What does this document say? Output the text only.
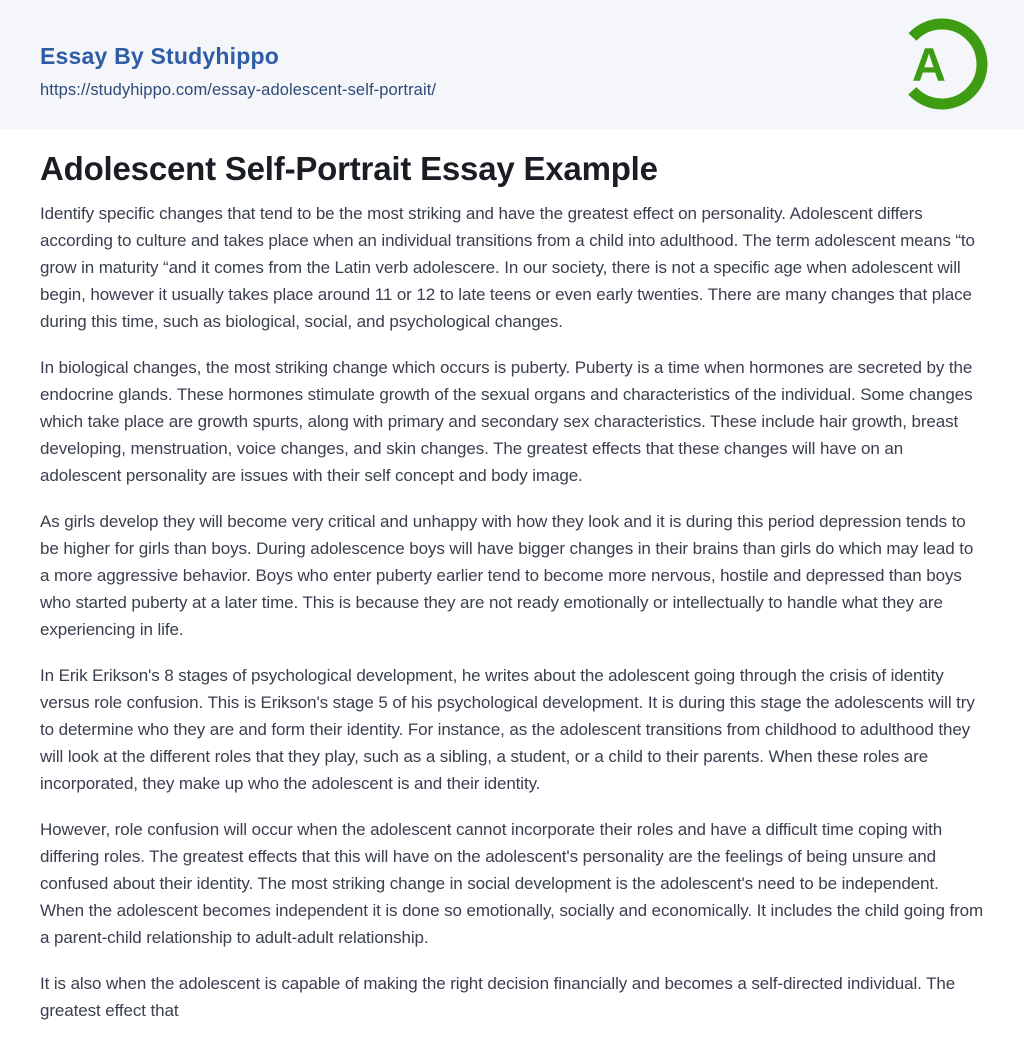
Essay By Studyhippo
https://studyhippo.com/essay-adolescent-self-portrait/	A
Adolescent Self-Portrait Essay Example

Identify specific changes that tend to be the most striking and have the greatest effect on personality. Adolescent differs according to culture and takes place when an individual transitions from a child into adulthood. The term adolescent means “to grow in maturity “and it comes from the Latin verb adolescere. In our society, there is not a specific age when adolescent will begin, however it usually takes place around 11 or 12 to late teens or even early twenties. There are many changes that place during this time, such as biological, social, and psychological changes.

In biological changes, the most striking change which occurs is puberty. Puberty is a time when hormones are secreted by the endocrine glands. These hormones stimulate growth of the sexual organs and characteristics of the individual. Some changes which take place are growth spurts, along with primary and secondary sex characteristics. These include hair growth, breast developing, menstruation, voice changes, and skin changes. The greatest effects that these changes will have on an adolescent personality are issues with their self concept and body image.

As girls develop they will become very critical and unhappy with how they look and it is during this period depression tends to be higher for girls than boys. During adolescence boys will have bigger changes in their brains than girls do which may lead to a more aggressive behavior. Boys who enter puberty earlier tend to become more nervous, hostile and depressed than boys who started puberty at a later time. This is because they are not ready emotionally or intellectually to handle what they are experiencing in life.

In Erik Erikson's 8 stages of psychological development, he writes about the adolescent going through the crisis of identity versus role confusion. This is Erikson's stage 5 of his psychological development. It is during this stage the adolescents will try to determine who they are and form their identity. For instance, as the adolescent transitions from childhood to adulthood they will look at the different roles that they play, such as a sibling, a student, or a child to their parents. When these roles are incorporated, they make up who the adolescent is and their identity.

However, role confusion will occur when the adolescent cannot incorporate their roles and have a difficult time coping with differing roles. The greatest effects that this will have on the adolescent's personality are the feelings of being unsure and confused about their identity. The most striking change in social development is the adolescent's need to be independent. When the adolescent becomes independent it is done so emotionally, socially and economically. It includes the child going from a parent-child relationship to adult-adult relationship.

It is also when the adolescent is capable of making the right decision financially and becomes a self-directed individual. The greatest effect that
